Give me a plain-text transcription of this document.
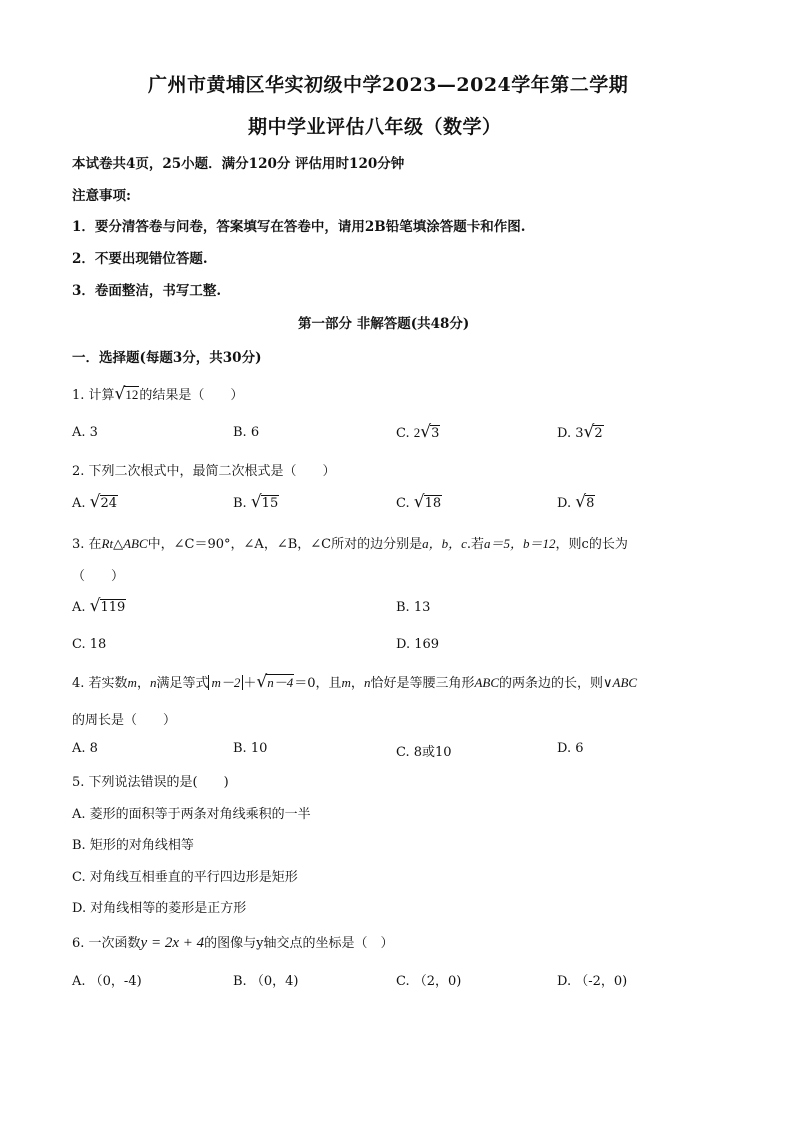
广州市黄埔区华实初级中学2023—2024学年第二学期
期中学业评估八年级（数学）
本试卷共4页，25小题．满分120分 评估用时120分钟
注意事项:
1．要分清答卷与问卷，答案填写在答卷中，请用2B铅笔填涂答题卡和作图.
2．不要出现错位答题.
3．卷面整洁，书写工整.
第一部分 非解答题(共48分)
一．选择题(每题3分，共30分)
1. 计算√12的结果是（　　）
A. 3	B. 6	C. 2√3	D. 3√2
2. 下列二次根式中，最简二次根式是（　　）
A. √24	B. √15	C. √18	D. √8
3. 在Rt△ABC中，∠C＝90°，∠A，∠B，∠C所对的边分别是a，b，c.若a＝5，b＝12，则c的长为
（　　）
A. √119	B. 13
C. 18	D. 169
4. 若实数m，n满足等式 m－2 ＋√n－4＝0，且m，n恰好是等腰三角形ABC的两条边的长，则∨ABC
的周长是（　　）
A. 8	B. 10	C. 8或10	D. 6
5. 下列说法错误的是(　　)
A. 菱形的面积等于两条对角线乘积的一半
B. 矩形的对角线相等
C. 对角线互相垂直的平行四边形是矩形
D. 对角线相等的菱形是正方形
6. 一次函数y = 2x + 4的图像与y轴交点的坐标是（　）
A. （0，-4)	B. （0，4)	C. （2，0)	D. （-2，0)
